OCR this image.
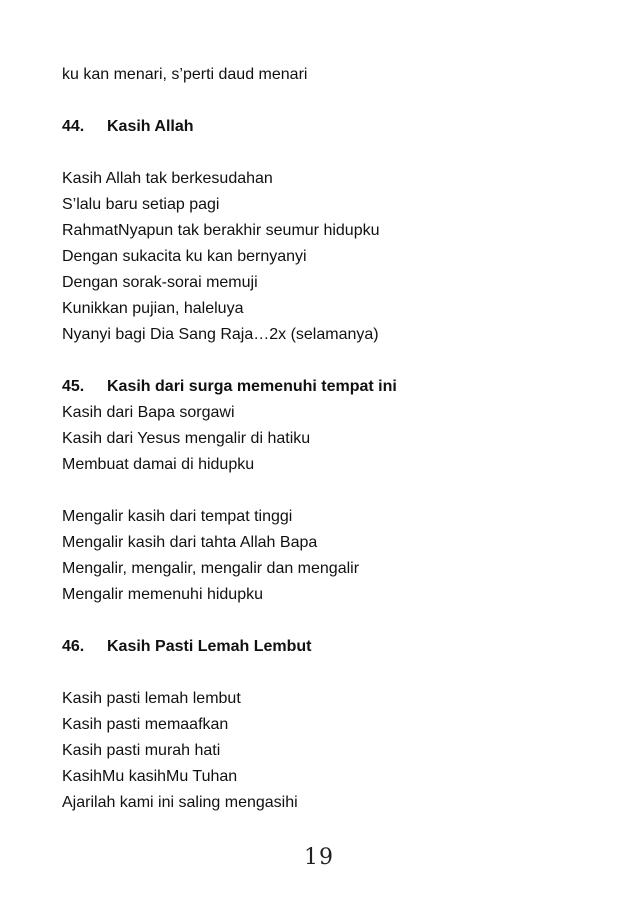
ku kan menari, s’perti daud menari
44. Kasih Allah
Kasih Allah tak berkesudahan
S’lalu baru setiap pagi
RahmatNyapun tak berakhir seumur hidupku
Dengan sukacita ku kan bernyanyi
Dengan sorak-sorai memuji
Kunikkan pujian, haleluya
Nyanyi bagi Dia Sang Raja…2x (selamanya)
45. Kasih dari surga memenuhi tempat ini
Kasih dari Bapa sorgawi
Kasih dari Yesus mengalir di hatiku
Membuat damai di hidupku
Mengalir kasih dari tempat tinggi
Mengalir kasih dari tahta Allah Bapa
Mengalir, mengalir, mengalir dan mengalir
Mengalir memenuhi hidupku
46. Kasih Pasti Lemah Lembut
Kasih pasti lemah lembut
Kasih pasti memaafkan
Kasih pasti murah hati
KasihMu kasihMu Tuhan
Ajarilah kami ini saling mengasihi
19
